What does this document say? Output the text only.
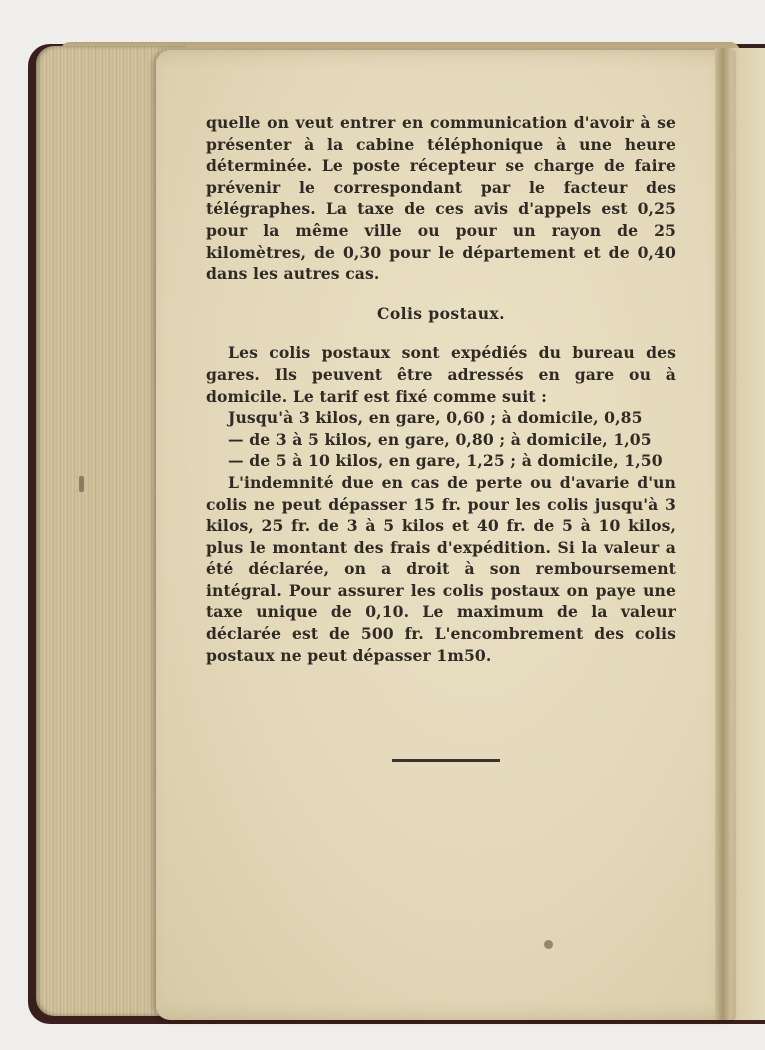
quelle on veut entrer en communication d'avoir à se présenter à la cabine téléphonique à une heure déterminée. Le poste récepteur se charge de faire prévenir le correspondant par le facteur des télégraphes. La taxe de ces avis d'appels est 0,25 pour la même ville ou pour un rayon de 25 kilomètres, de 0,30 pour le département et de 0,40 dans les autres cas.

Colis postaux.

Les colis postaux sont expédiés du bureau des gares. Ils peuvent être adressés en gare ou à domicile. Le tarif est fixé comme suit :

Jusqu'à 3 kilos, en gare, 0,60 ; à domicile, 0,85

— de 3 à 5 kilos, en gare, 0,80 ; à domicile, 1,05

— de 5 à 10 kilos, en gare, 1,25 ; à domicile, 1,50

L'indemnité due en cas de perte ou d'avarie d'un colis ne peut dépasser 15 fr. pour les colis jusqu'à 3 kilos, 25 fr. de 3 à 5 kilos et 40 fr. de 5 à 10 kilos, plus le montant des frais d'expédition. Si la valeur a été déclarée, on a droit à son remboursement intégral. Pour assurer les colis postaux on paye une taxe unique de 0,10. Le maximum de la valeur déclarée est de 500 fr. L'encombrement des colis postaux ne peut dépasser 1m50.
